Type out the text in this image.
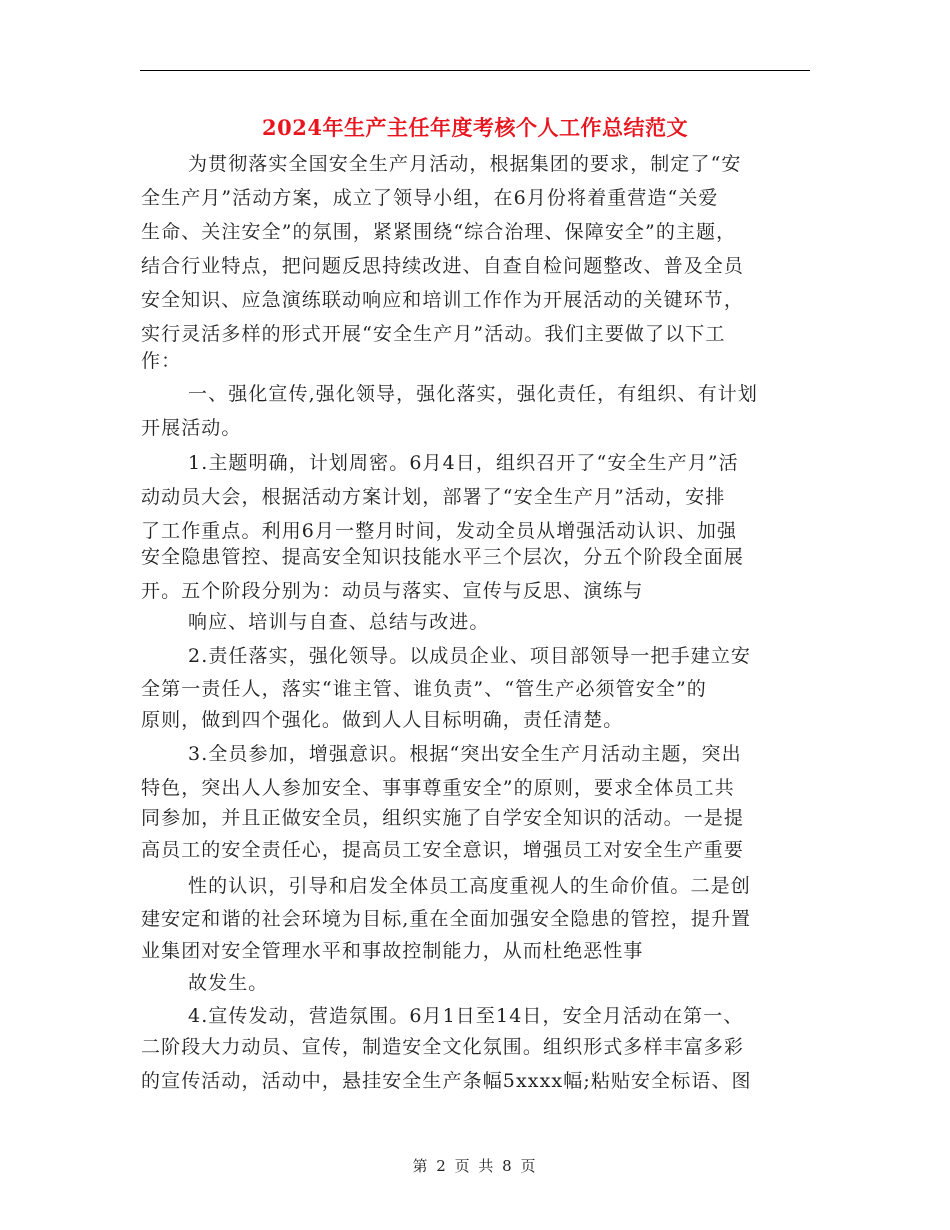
2024年生产主任年度考核个人工作总结范文
为贯彻落实全国安全生产月活动，根据集团的要求，制定了“安
全生产月”活动方案，成立了领导小组，在6月份将着重营造“关爱
生命、关注安全”的氛围，紧紧围绕“综合治理、保障安全”的主题，
结合行业特点，把问题反思持续改进、自查自检问题整改、普及全员
安全知识、应急演练联动响应和培训工作作为开展活动的关键环节，
实行灵活多样的形式开展“安全生产月”活动。我们主要做了以下工
作：
一、强化宣传,强化领导，强化落实，强化责任，有组织、有计划
开展活动。
1.主题明确，计划周密。6月4日，组织召开了“安全生产月”活
动动员大会，根据活动方案计划，部署了“安全生产月”活动，安排
了工作重点。利用6月一整月时间，发动全员从增强活动认识、加强
安全隐患管控、提高安全知识技能水平三个层次，分五个阶段全面展
开。五个阶段分别为：动员与落实、宣传与反思、演练与
响应、培训与自查、总结与改进。
2.责任落实，强化领导。以成员企业、项目部领导一把手建立安
全第一责任人，落实“谁主管、谁负责”、“管生产必须管安全”的
原则，做到四个强化。做到人人目标明确，责任清楚。
3.全员参加，增强意识。根据“突出安全生产月活动主题，突出
特色，突出人人参加安全、事事尊重安全”的原则，要求全体员工共
同参加，并且正做安全员，组织实施了自学安全知识的活动。一是提
高员工的安全责任心，提高员工安全意识，增强员工对安全生产重要
性的认识，引导和启发全体员工高度重视人的生命价值。二是创
建安定和谐的社会环境为目标,重在全面加强安全隐患的管控，提升置
业集团对安全管理水平和事故控制能力，从而杜绝恶性事
故发生。
4.宣传发动，营造氛围。6月1日至14日，安全月活动在第一、
二阶段大力动员、宣传，制造安全文化氛围。组织形式多样丰富多彩
的宣传活动，活动中，悬挂安全生产条幅5xxxx幅;粘贴安全标语、图
第 2 页 共 8 页
